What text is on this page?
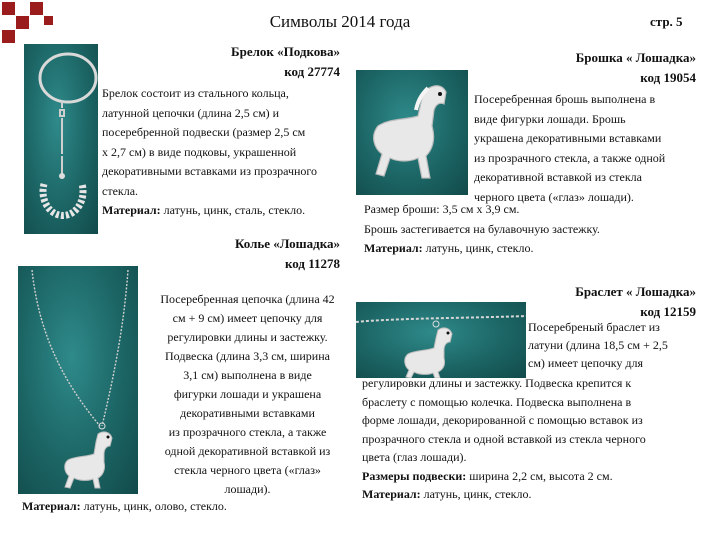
Символы 2014 года	стр. 5
Брелок «Подкова»
код 27774

Брелок состоит из стального кольца,

латунной цепочки (длина 2,5 см) и

посеребренной подвески (размер 2,5 см

х 2,7 см) в виде подковы, украшенной

декоративными вставками из прозрачного

стекла.

Материал: латунь, цинк, сталь, стекло.

Брошка « Лошадка»
код 19054

Посеребренная брошь выполнена в

виде фигурки лошади. Брошь

украшена декоративными вставками

из прозрачного стекла, а также одной

декоративной вставкой из стекла

черного цвета («глаз» лошади).

Размер броши: 3,5 см х 3,9 см.

Брошь застегивается на булавочную застежку.

Материал: латунь, цинк, стекло.

Колье «Лошадка»
код 11278

Посеребренная цепочка (длина 42

см + 9 см) имеет цепочку для

регулировки длины и застежку.

Подвеска (длина 3,3 см, ширина

3,1 см) выполнена в виде

фигурки лошади и украшена

декоративными вставками

из прозрачного стекла, а также

одной декоративной вставкой из

стекла черного цвета («глаз»

лошади).

Материал: латунь, цинк, олово, стекло.

Браслет « Лошадка»
код 12159

Посеребреный браслет из

латуни (длина 18,5 см + 2,5

см) имеет цепочку для

регулировки длины и застежку. Подвеска крепится к

браслету с помощью колечка. Подвеска выполнена в

форме лошади, декорированной с помощью вставок из

прозрачного стекла и одной вставкой из стекла черного

цвета (глаз лошади).

Размеры подвески: ширина 2,2 см, высота 2 см.

Материал: латунь, цинк, стекло.
